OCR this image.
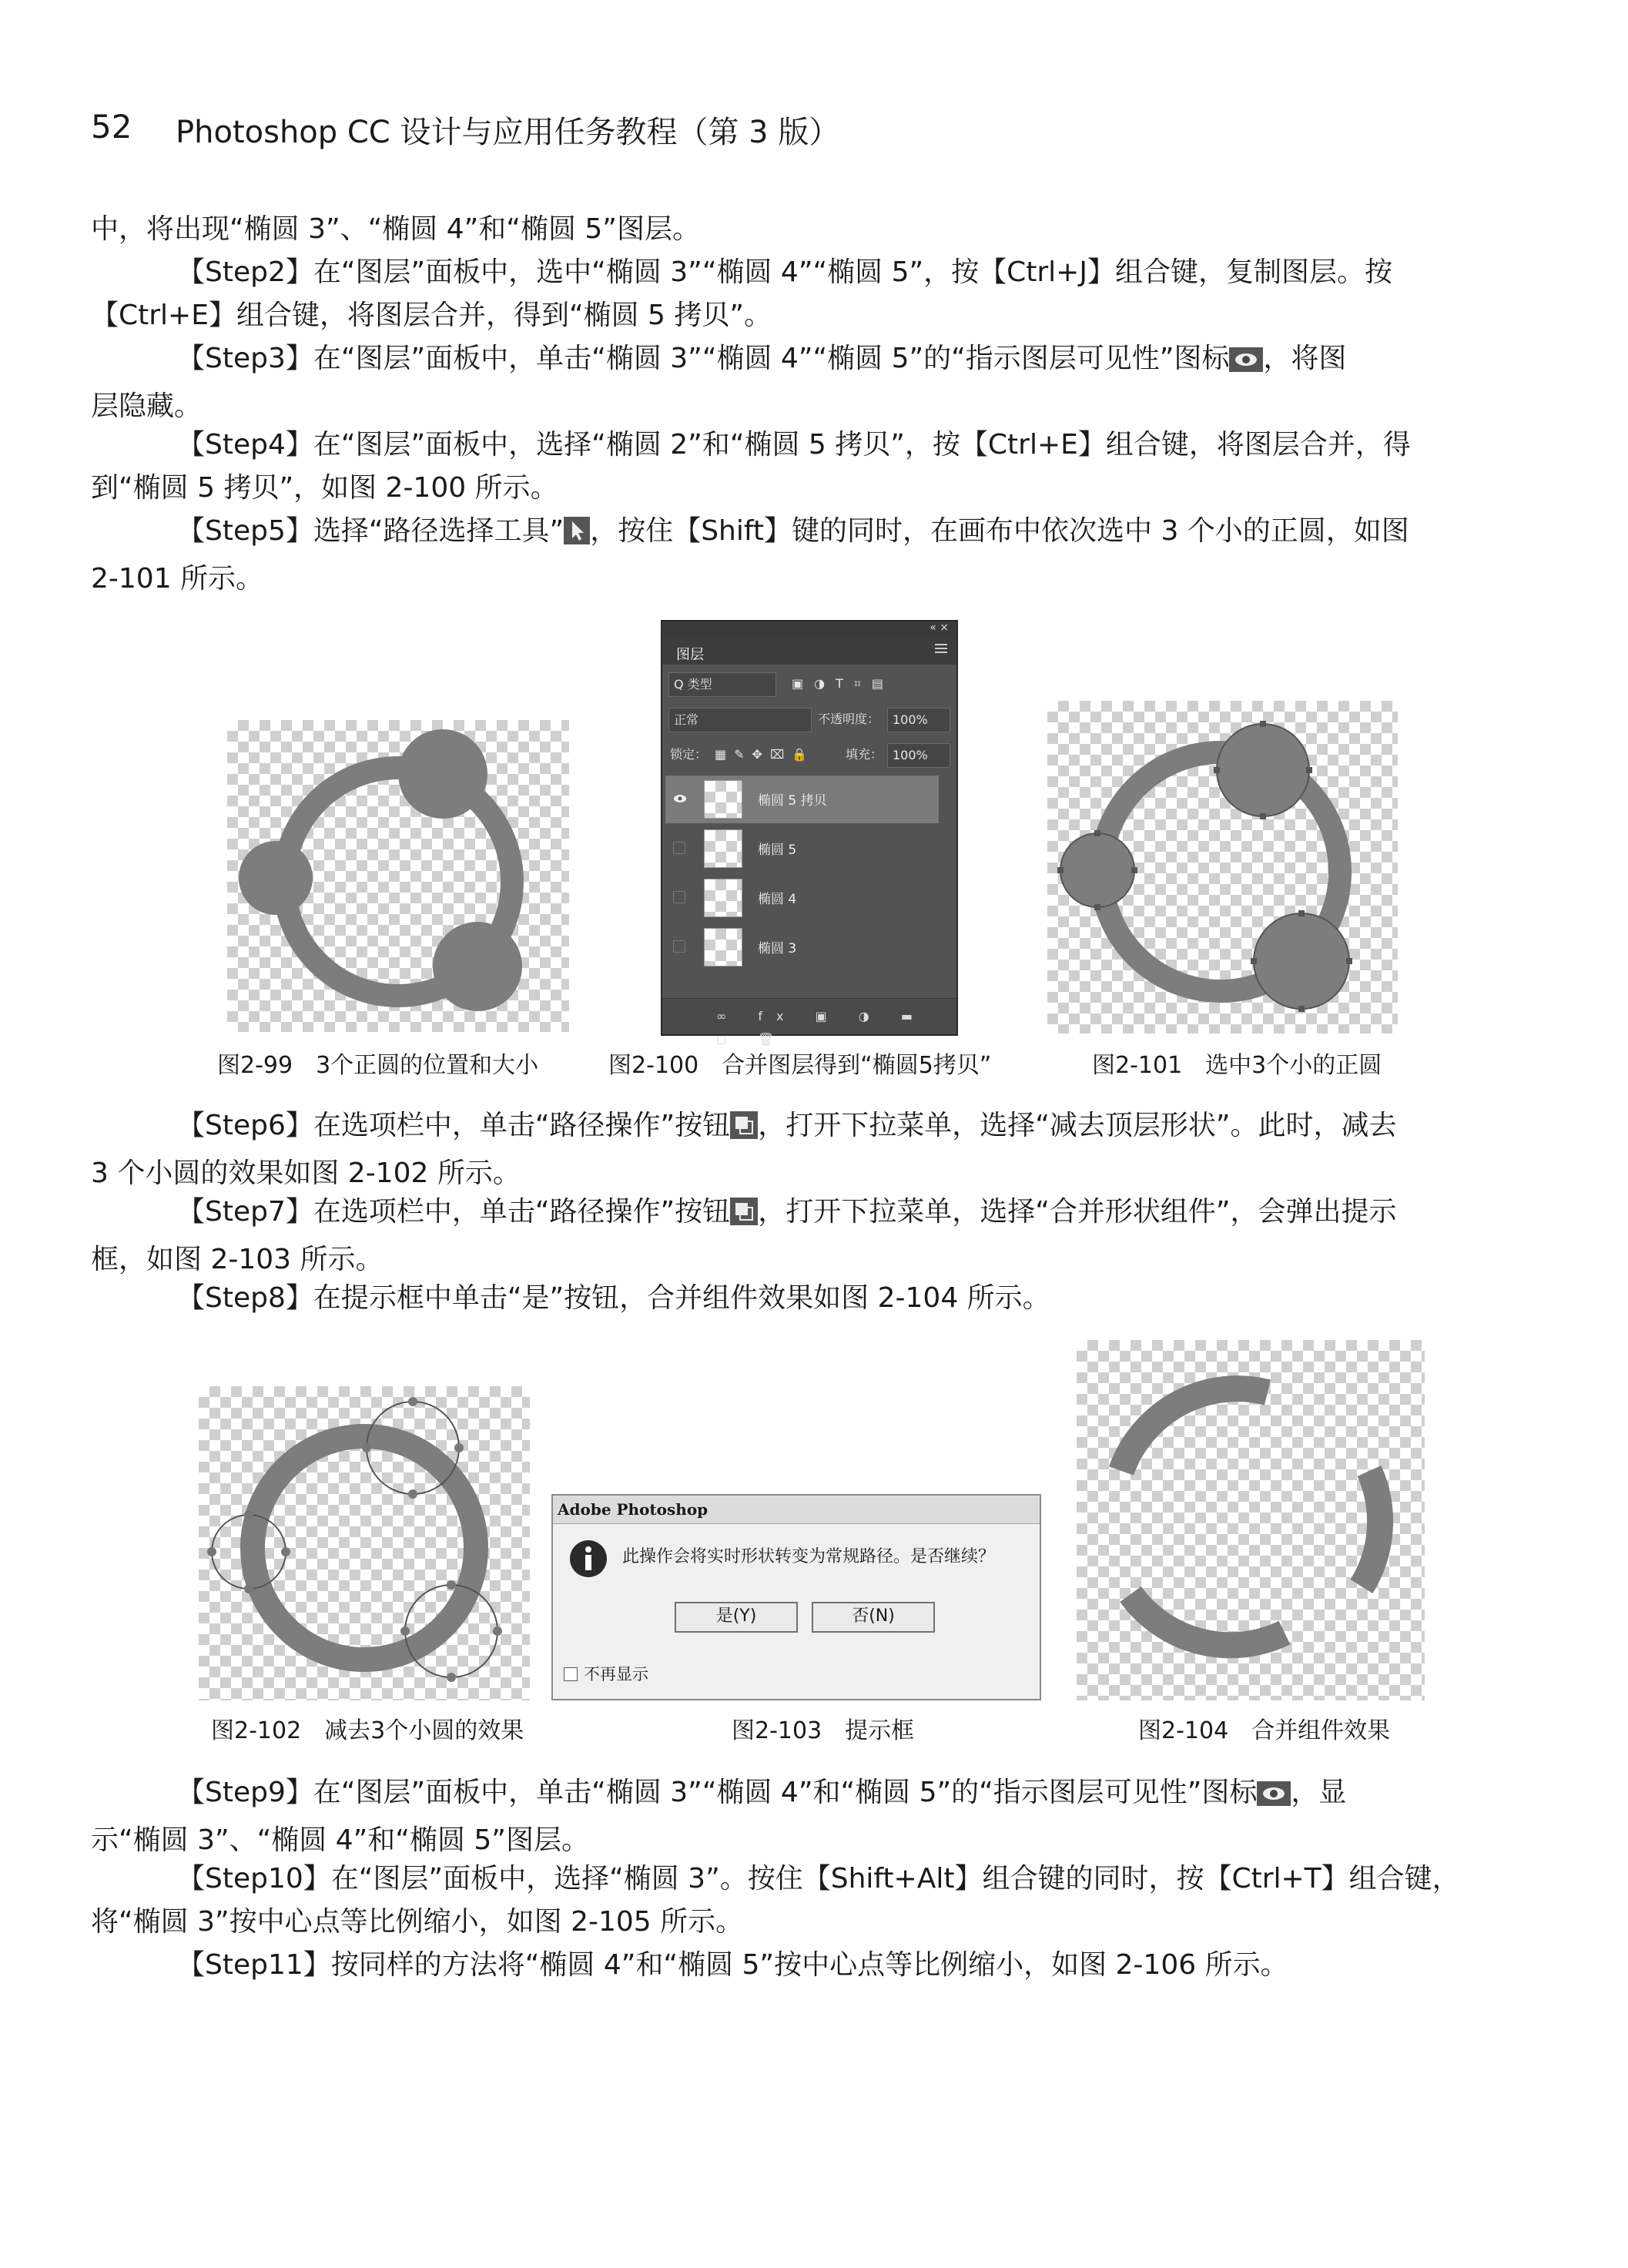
52 Photoshop CC 设计与应用任务教程（第 3 版）
中，将出现“椭圆 3”、“椭圆 4”和“椭圆 5”图层。
【Step2】在“图层”面板中，选中“椭圆 3”“椭圆 4”“椭圆 5”，按【Ctrl+J】组合键，复制图层。按
【Ctrl+E】组合键，将图层合并，得到“椭圆 5 拷贝”。
【Step3】在“图层”面板中，单击“椭圆 3”“椭圆 4”“椭圆 5”的“指示图层可见性”图标 ，将图
层隐藏。
【Step4】在“图层”面板中，选择“椭圆 2”和“椭圆 5 拷贝”，按【Ctrl+E】组合键，将图层合并，得
到“椭圆 5 拷贝”，如图 2-100 所示。
【Step5】选择“路径选择工具” ，按住【Shift】键的同时，在画布中依次选中 3 个小的正圆，如图
2-101 所示。
图2-99　3个正圆的位置和大小
« ×
图层
Q 类型	▣◑T⌗▤
正常	不透明度：	100%
锁定： ▦✎✥⌧🔒 填充： 100%
椭圆 5 拷贝
椭圆 5
椭圆 4
椭圆 3
∞ fx ▣ ◑ ▬ ◻ 🗑
图2-100　合并图层得到“椭圆5拷贝”	图2-101　选中3个小的正圆
【Step6】在选项栏中，单击“路径操作”按钮 ，打开下拉菜单，选择“减去顶层形状”。此时，减去
3 个小圆的效果如图 2-102 所示。
【Step7】在选项栏中，单击“路径操作”按钮 ，打开下拉菜单，选择“合并形状组件”，会弹出提示
框，如图 2-103 所示。
【Step8】在提示框中单击“是”按钮，合并组件效果如图 2-104 所示。
图2-102　减去3个小圆的效果
Adobe Photoshop
此操作会将实时形状转变为常规路径。是否继续？
是(Y)	否(N)
不再显示
图2-103　提示框	图2-104　合并组件效果
【Step9】在“图层”面板中，单击“椭圆 3”“椭圆 4”和“椭圆 5”的“指示图层可见性”图标 ，显
示“椭圆 3”、“椭圆 4”和“椭圆 5”图层。
【Step10】在“图层”面板中，选择“椭圆 3”。按住【Shift+Alt】组合键的同时，按【Ctrl+T】组合键，
将“椭圆 3”按中心点等比例缩小，如图 2-105 所示。
【Step11】按同样的方法将“椭圆 4”和“椭圆 5”按中心点等比例缩小，如图 2-106 所示。
